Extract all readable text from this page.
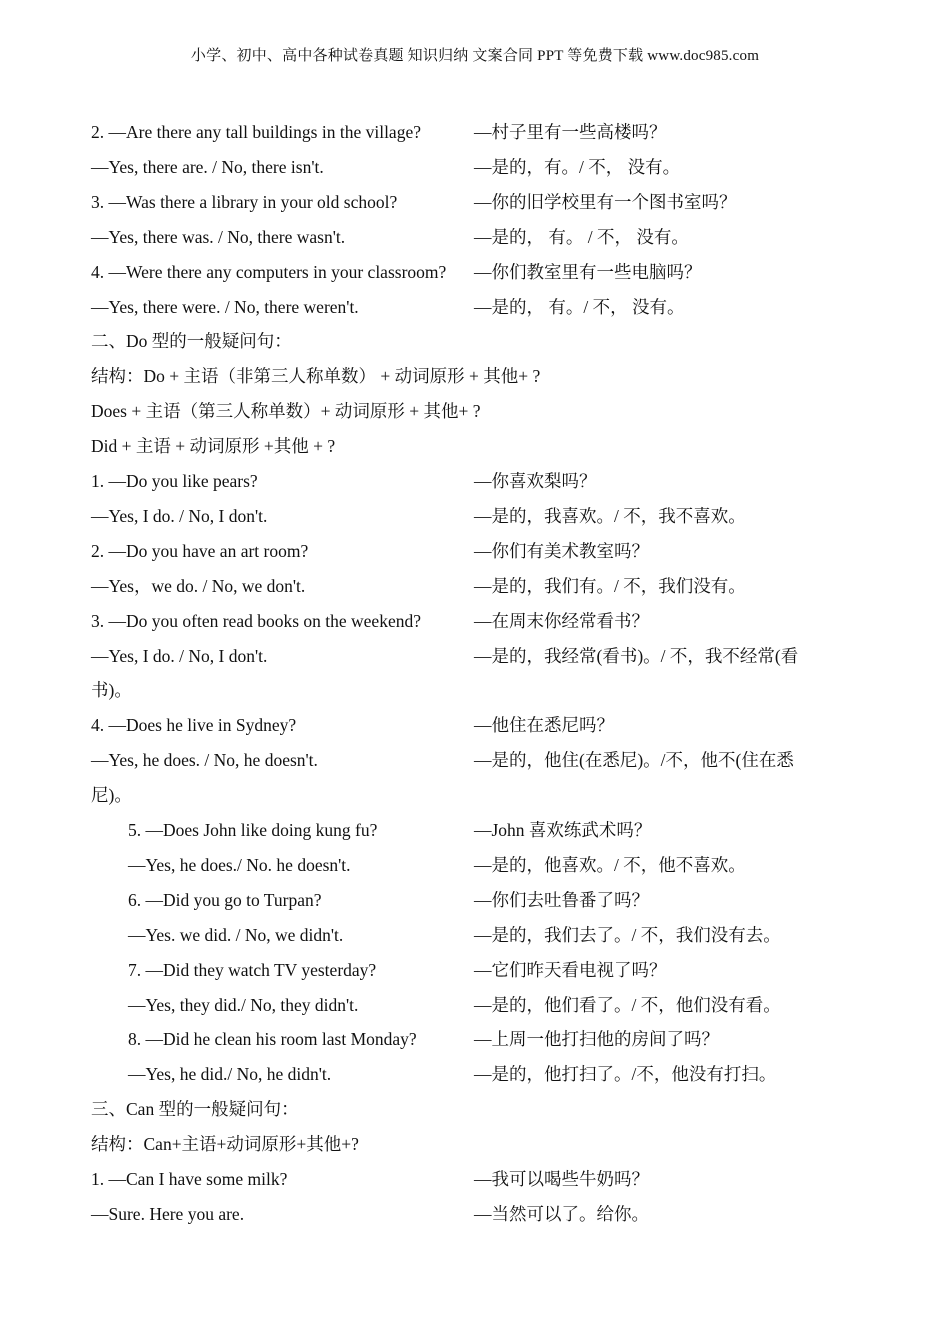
小学、初中、高中各种试卷真题 知识归纳 文案合同 PPT 等免费下载 www.doc985.com
2. —Are there any tall buildings in the village?	—村子里有一些高楼吗？
—Yes, there are. / No, there isn't.	—是的，有。/ 不， 没有。
3. —Was there a library in your old school?	—你的旧学校里有一个图书室吗？
—Yes, there was. / No, there wasn't.	—是的， 有。 / 不， 没有。
4. —Were there any computers in your classroom? —你们教室里有一些电脑吗？
—Yes, there were. / No, there weren't.	—是的， 有。/ 不， 没有。
二、Do 型的一般疑问句：
结构：Do + 主语（非第三人称单数） + 动词原形 + 其他+ ?
Does + 主语（第三人称单数）+ 动词原形 + 其他+ ?
Did + 主语 + 动词原形 +其他 + ?
1. —Do you like pears?	—你喜欢梨吗？
—Yes, I do. / No, I don't.	—是的，我喜欢。/ 不，我不喜欢。
2. —Do you have an art room?	—你们有美术教室吗？
—Yes，we do. / No, we don't.	—是的，我们有。/ 不，我们没有。
3. —Do you often read books on the weekend?	—在周末你经常看书？
—Yes, I do. / No, I don't.	—是的，我经常(看书)。/ 不，我不经常(看
书)。
4. —Does he live in Sydney?	—他住在悉尼吗？
—Yes, he does. / No, he doesn't.	—是的，他住(在悉尼)。/不，他不(住在悉
尼)。
5. —Does John like doing kung fu?	—John 喜欢练武术吗？
—Yes, he does./ No. he doesn't.	—是的，他喜欢。/ 不，他不喜欢。
6. —Did you go to Turpan?	—你们去吐鲁番了吗？
—Yes. we did. / No, we didn't.	—是的，我们去了。/ 不，我们没有去。
7. —Did they watch TV yesterday?	—它们昨天看电视了吗？
—Yes, they did./ No, they didn't.	—是的，他们看了。/ 不，他们没有看。
8. —Did he clean his room last Monday?	—上周一他打扫他的房间了吗？
—Yes, he did./ No, he didn't.	—是的，他打扫了。/不，他没有打扫。
三、Can 型的一般疑问句：
结构：Can+主语+动词原形+其他+?
1. —Can I have some milk?	—我可以喝些牛奶吗？
—Sure. Here you are.	—当然可以了。给你。
